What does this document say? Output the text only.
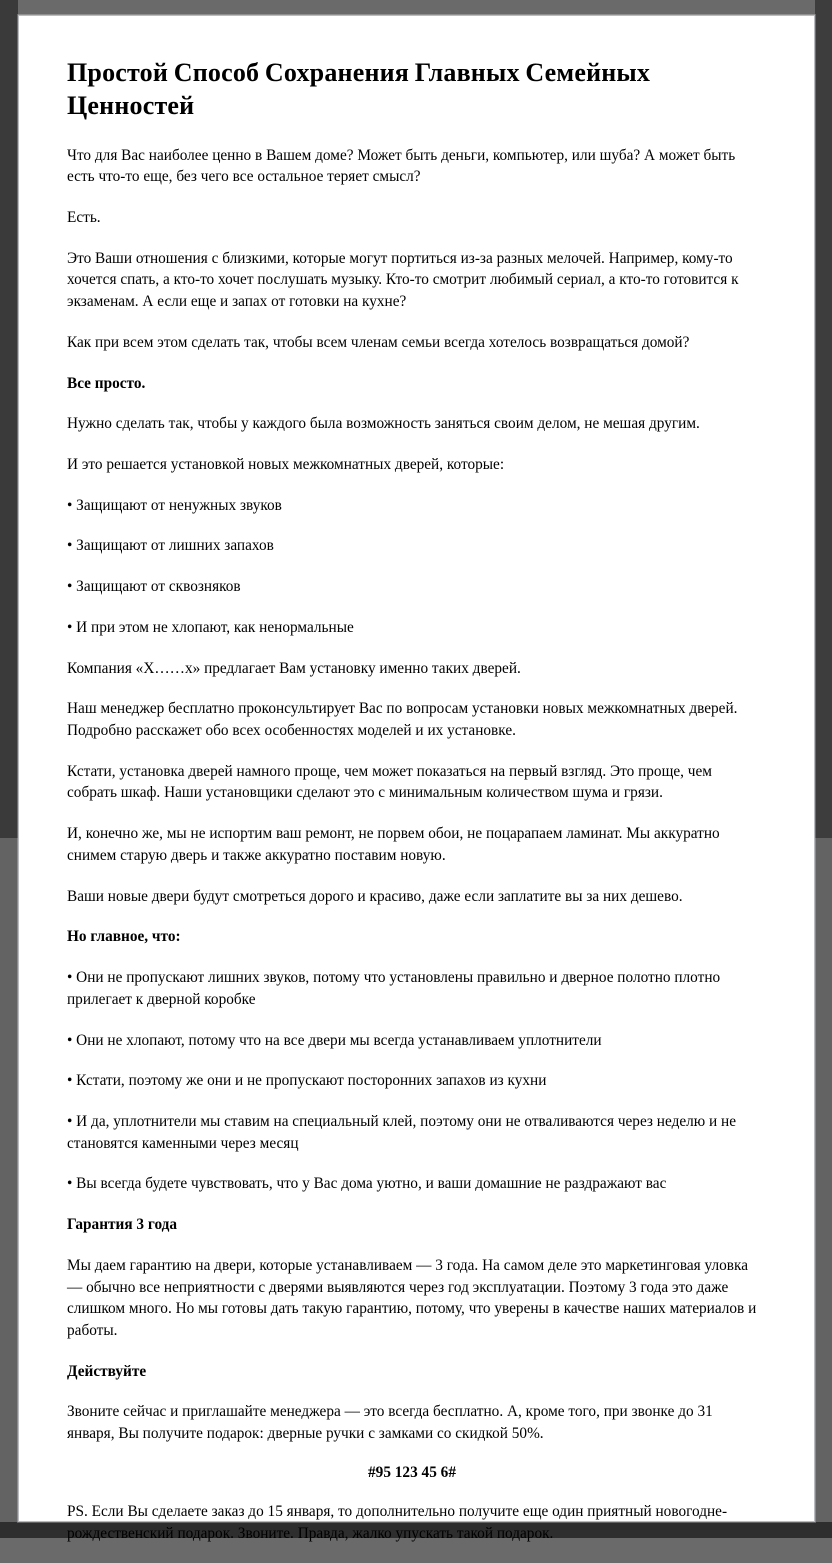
Простой Способ Сохранения Главных Семейных Ценностей

Что для Вас наиболее ценно в Вашем доме? Может быть деньги, компьютер, или шуба? А может быть есть что-то еще, без чего все остальное теряет смысл?

Есть.

Это Ваши отношения с близкими, которые могут портиться из-за разных мелочей. Например, кому-то хочется спать, а кто-то хочет послушать музыку. Кто-то смотрит любимый сериал, а кто-то готовится к экзаменам. А если еще и запах от готовки на кухне?

Как при всем этом сделать так, чтобы всем членам семьи всегда хотелось возвращаться домой?

Все просто.

Нужно сделать так, чтобы у каждого была возможность заняться своим делом, не мешая другим.

И это решается установкой новых межкомнатных дверей, которые:

• Защищают от ненужных звуков

• Защищают от лишних запахов

• Защищают от сквозняков

• И при этом не хлопают, как ненормальные

Компания «Х……х» предлагает Вам установку именно таких дверей.

Наш менеджер бесплатно проконсультирует Вас по вопросам установки новых межкомнатных дверей. Подробно расскажет обо всех особенностях моделей и их установке.

Кстати, установка дверей намного проще, чем может показаться на первый взгляд. Это проще, чем собрать шкаф. Наши установщики сделают это с минимальным количеством шума и грязи.

И, конечно же, мы не испортим ваш ремонт, не порвем обои, не поцарапаем ламинат. Мы аккуратно снимем старую дверь и также аккуратно поставим новую.

Ваши новые двери будут смотреться дорого и красиво, даже если заплатите вы за них дешево.

Но главное, что:

• Они не пропускают лишних звуков, потому что установлены правильно и дверное полотно плотно прилегает к дверной коробке

• Они не хлопают, потому что на все двери мы всегда устанавливаем уплотнители

• Кстати, поэтому же они и не пропускают посторонних запахов из кухни

• И да, уплотнители мы ставим на специальный клей, поэтому они не отваливаются через неделю и не становятся каменными через месяц

• Вы всегда будете чувствовать, что у Вас дома уютно, и ваши домашние не раздражают вас

Гарантия 3 года

Мы даем гарантию на двери, которые устанавливаем — 3 года. На самом деле это маркетинговая уловка — обычно все неприятности с дверями выявляются через год эксплуатации. Поэтому 3 года это даже слишком много. Но мы готовы дать такую гарантию, потому, что уверены в качестве наших материалов и работы.

Действуйте

Звоните сейчас и приглашайте менеджера — это всегда бесплатно. А, кроме того, при звонке до 31 января, Вы получите подарок: дверные ручки с замками со скидкой 50%.

#95 123 45 6#

PS. Если Вы сделаете заказ до 15 января, то дополнительно получите еще один приятный новогодне-рождественский подарок. Звоните. Правда, жалко упускать такой подарок.
